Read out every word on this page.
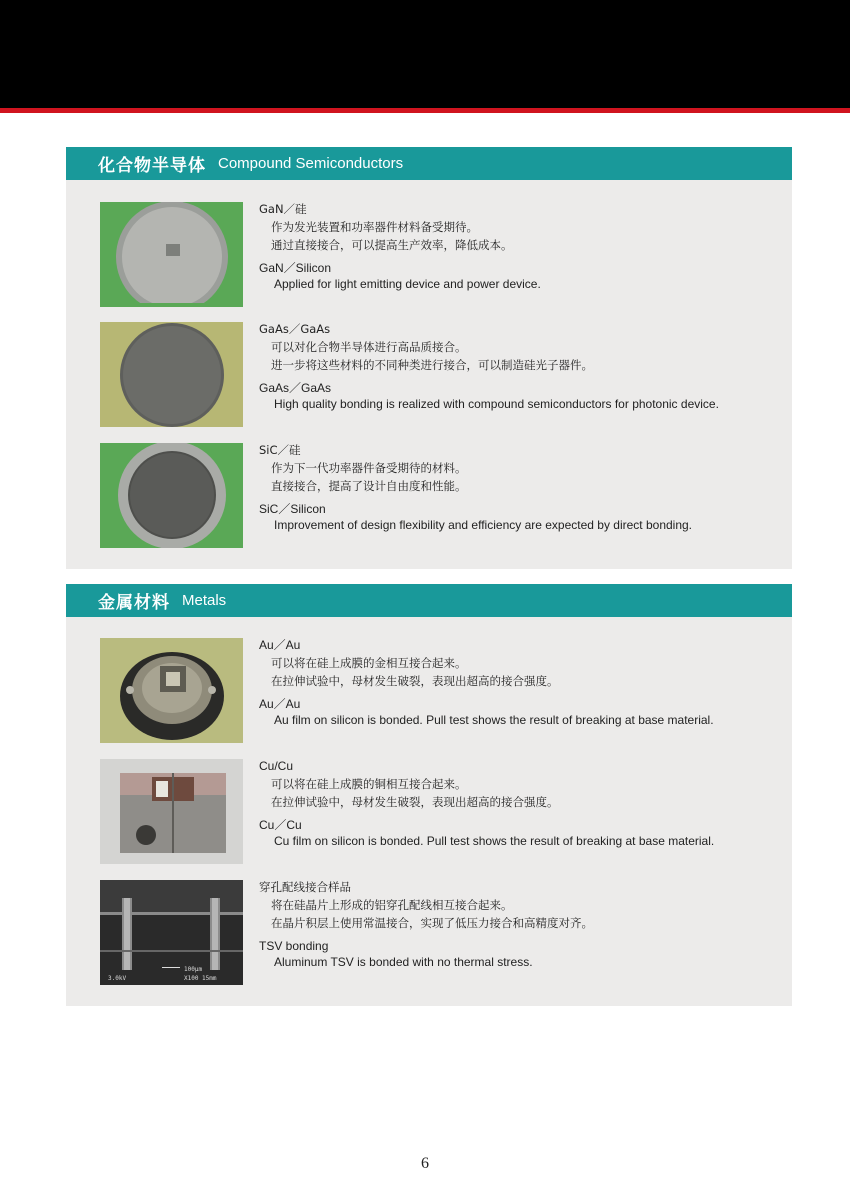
化合物半导体 Compound Semiconductors
GaN／硅
作为发光装置和功率器件材料备受期待。
通过直接接合，可以提高生产效率，降低成本。
GaN／Silicon
Applied for light emitting device and power device.
GaAs／GaAs
可以对化合物半导体进行高品质接合。
进一步将这些材料的不同种类进行接合，可以制造硅光子器件。
GaAs／GaAs
High quality bonding is realized with compound semiconductors for photonic device.
SiC／硅
作为下一代功率器件备受期待的材料。
直接接合，提高了设计自由度和性能。
SiC／Silicon
Improvement of design flexibility and efficiency are expected by direct bonding.
金属材料 Metals
Au／Au
可以将在硅上成膜的金相互接合起来。
在拉伸试验中，母材发生破裂，表现出超高的接合强度。
Au／Au
Au film on silicon is bonded. Pull test shows the result of breaking at base material.
Cu/Cu
可以将在硅上成膜的铜相互接合起来。
在拉伸试验中，母材发生破裂，表现出超高的接合强度。
Cu／Cu
Cu film on silicon is bonded. Pull test shows the result of breaking at base material.
100μm
3.0kV	X100 15mm
穿孔配线接合样品
将在硅晶片上形成的铝穿孔配线相互接合起来。
在晶片积层上使用常温接合，实现了低压力接合和高精度对齐。
TSV bonding
Aluminum TSV is bonded with no thermal stress.
6
